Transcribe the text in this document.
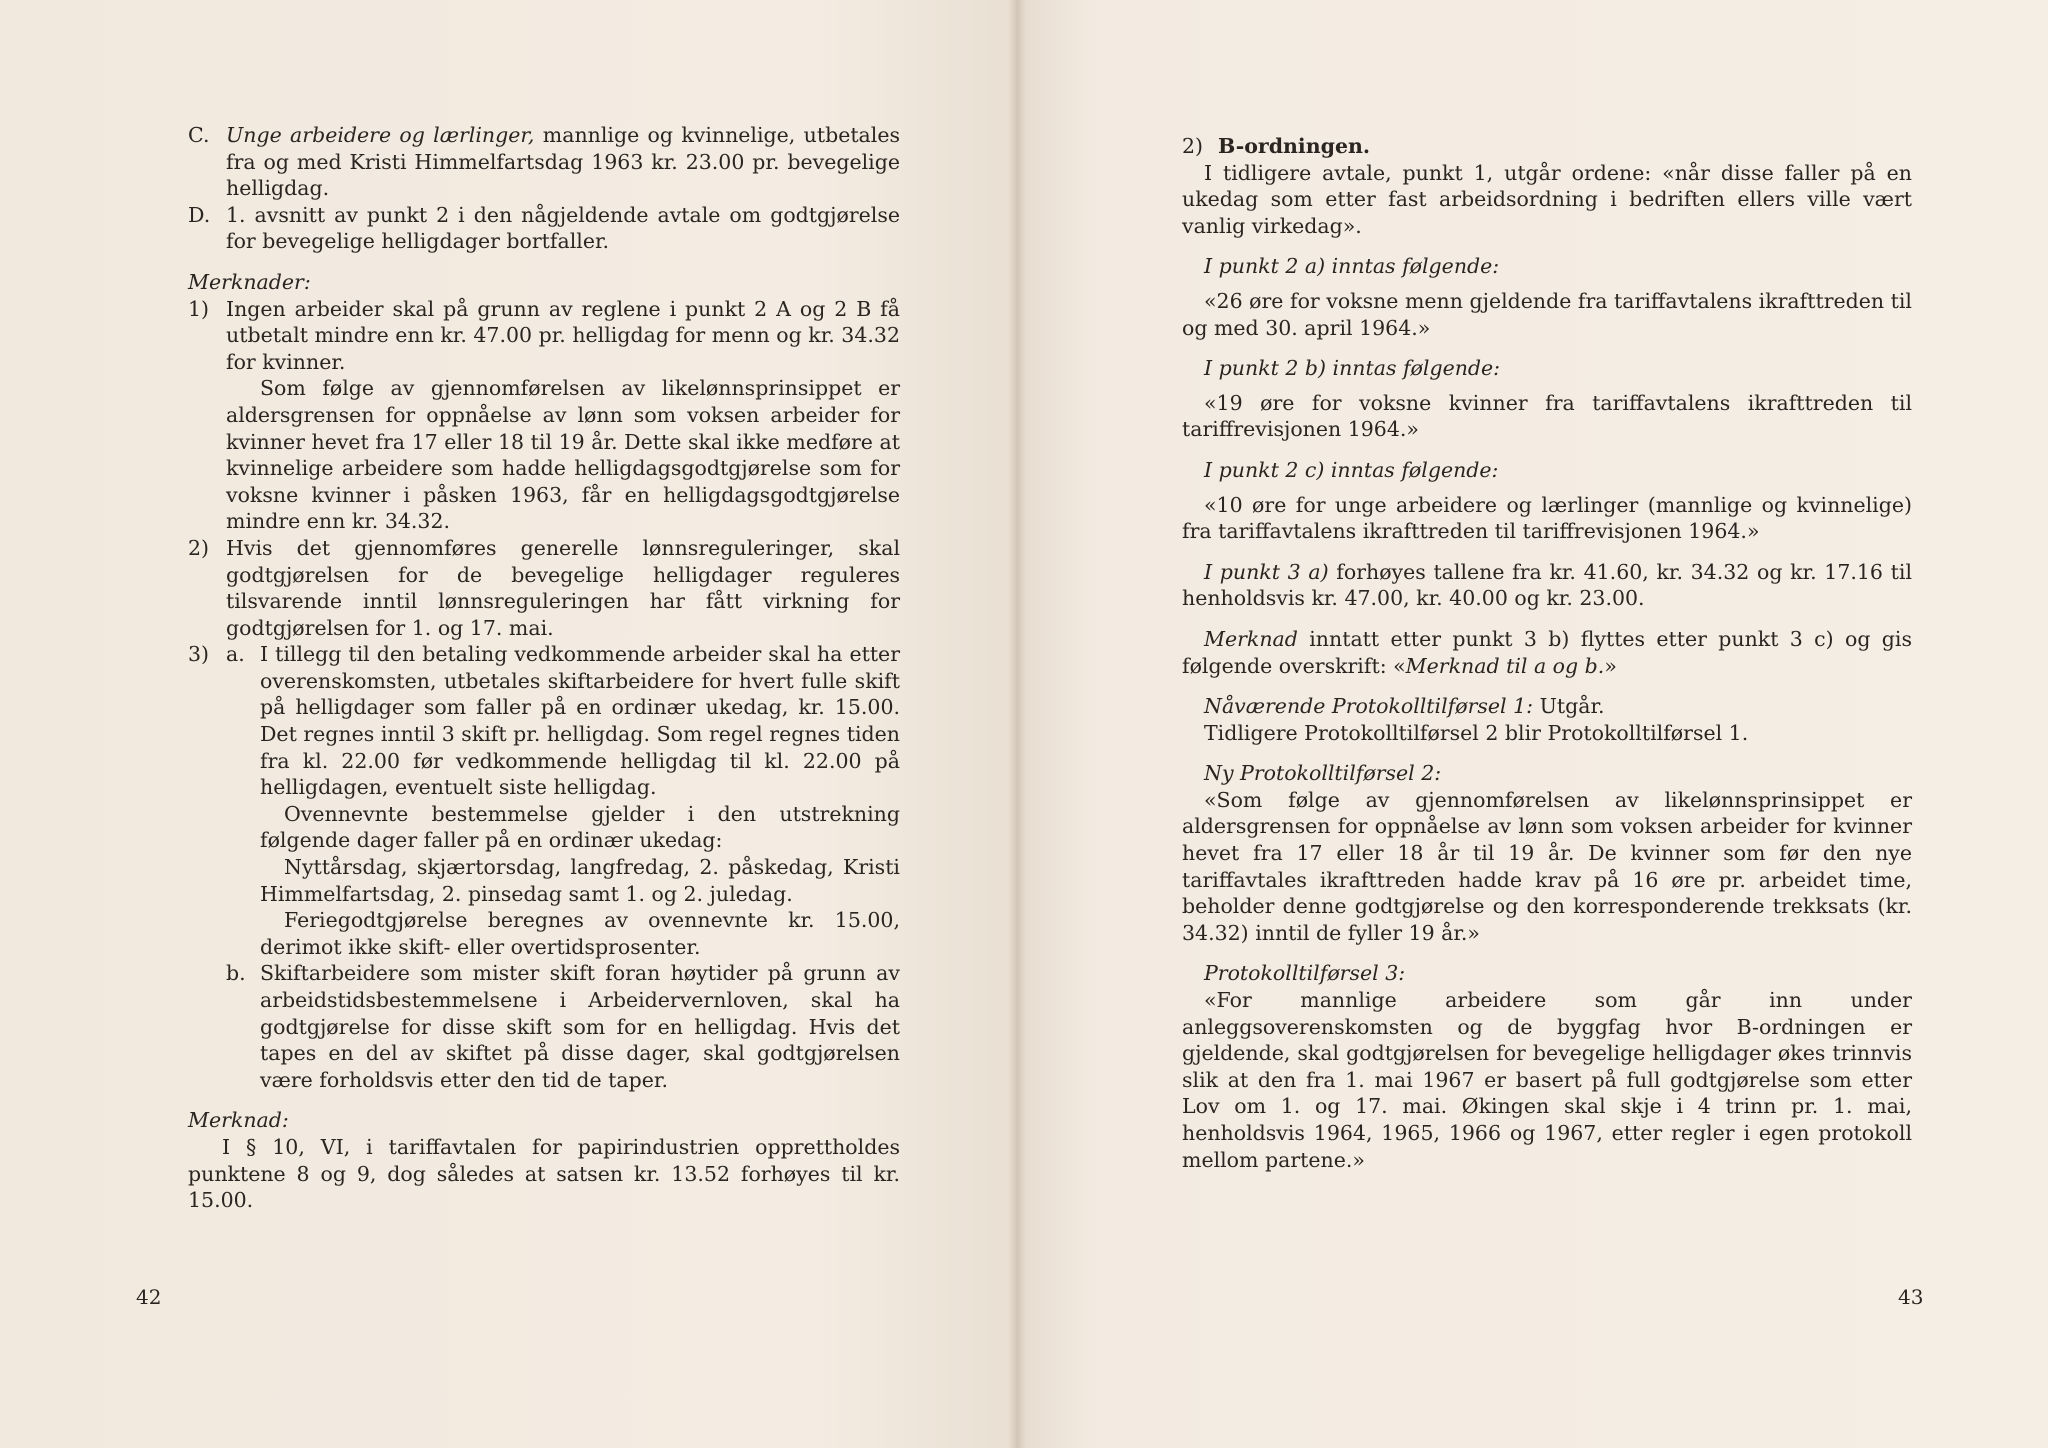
C. Unge arbeidere og lærlinger, mannlige og kvinnelige, utbetales fra og med Kristi Himmelfartsdag 1963 kr. 23.00 pr. bevegelige helligdag.

D. 1. avsnitt av punkt 2 i den någjeldende avtale om godtgjørelse for bevegelige helligdager bortfaller.

Merknader:

1) Ingen arbeider skal på grunn av reglene i punkt 2 A og 2 B få utbetalt mindre enn kr. 47.00 pr. helligdag for menn og kr. 34.32 for kvinner.

Som følge av gjennomførelsen av likelønnsprinsippet er aldersgrensen for oppnåelse av lønn som voksen arbeider for kvinner hevet fra 17 eller 18 til 19 år. Dette skal ikke medføre at kvinnelige arbeidere som hadde helligdagsgodtgjørelse som for voksne kvinner i påsken 1963, får en helligdagsgodtgjørelse mindre enn kr. 34.32.

2) Hvis det gjennomføres generelle lønnsreguleringer, skal godtgjørelsen for de bevegelige helligdager reguleres tilsvarende inntil lønnsreguleringen har fått virkning for godtgjørelsen for 1. og 17. mai.

3) a. I tillegg til den betaling vedkommende arbeider skal ha etter overenskomsten, utbetales skiftarbeidere for hvert fulle skift på helligdager som faller på en ordinær ukedag, kr. 15.00. Det regnes inntil 3 skift pr. helligdag. Som regel regnes tiden fra kl. 22.00 før vedkommende helligdag til kl. 22.00 på helligdagen, eventuelt siste helligdag.

Ovennevnte bestemmelse gjelder i den utstrekning følgende dager faller på en ordinær ukedag:

Nyttårsdag, skjærtorsdag, langfredag, 2. påskedag, Kristi Himmelfartsdag, 2. pinsedag samt 1. og 2. juledag.

Feriegodtgjørelse beregnes av ovennevnte kr. 15.00, derimot ikke skift- eller overtidsprosenter.

b. Skiftarbeidere som mister skift foran høytider på grunn av arbeidstidsbestemmelsene i Arbeidervernloven, skal ha godtgjørelse for disse skift som for en helligdag. Hvis det tapes en del av skiftet på disse dager, skal godtgjørelsen være forholdsvis etter den tid de taper.

Merknad:

I § 10, VI, i tariffavtalen for papirindustrien opprettholdes punktene 8 og 9, dog således at satsen kr. 13.52 forhøyes til kr. 15.00.

42

2) B-ordningen.

I tidligere avtale, punkt 1, utgår ordene: «når disse faller på en ukedag som etter fast arbeidsordning i bedriften ellers ville vært vanlig virkedag».

I punkt 2 a) inntas følgende:

«26 øre for voksne menn gjeldende fra tariffavtalens ikrafttreden til og med 30. april 1964.»

I punkt 2 b) inntas følgende:

«19 øre for voksne kvinner fra tariffavtalens ikrafttreden til tariffrevisjonen 1964.»

I punkt 2 c) inntas følgende:

«10 øre for unge arbeidere og lærlinger (mannlige og kvinnelige) fra tariffavtalens ikrafttreden til tariffrevisjonen 1964.»

I punkt 3 a) forhøyes tallene fra kr. 41.60, kr. 34.32 og kr. 17.16 til henholdsvis kr. 47.00, kr. 40.00 og kr. 23.00.

Merknad inntatt etter punkt 3 b) flyttes etter punkt 3 c) og gis følgende overskrift: «Merknad til a og b.»

Nåværende Protokolltilførsel 1: Utgår.

Tidligere Protokolltilførsel 2 blir Protokolltilførsel 1.

Ny Protokolltilførsel 2:

«Som følge av gjennomførelsen av likelønnsprinsippet er aldersgrensen for oppnåelse av lønn som voksen arbeider for kvinner hevet fra 17 eller 18 år til 19 år. De kvinner som før den nye tariffavtales ikrafttreden hadde krav på 16 øre pr. arbeidet time, beholder denne godtgjørelse og den korresponderende trekksats (kr. 34.32) inntil de fyller 19 år.»

Protokolltilførsel 3:

«For mannlige arbeidere som går inn under anleggsoverenskomsten og de byggfag hvor B-ordningen er gjeldende, skal godtgjørelsen for bevegelige helligdager økes trinnvis slik at den fra 1. mai 1967 er basert på full godtgjørelse som etter Lov om 1. og 17. mai. Økingen skal skje i 4 trinn pr. 1. mai, henholdsvis 1964, 1965, 1966 og 1967, etter regler i egen protokoll mellom partene.»

43
